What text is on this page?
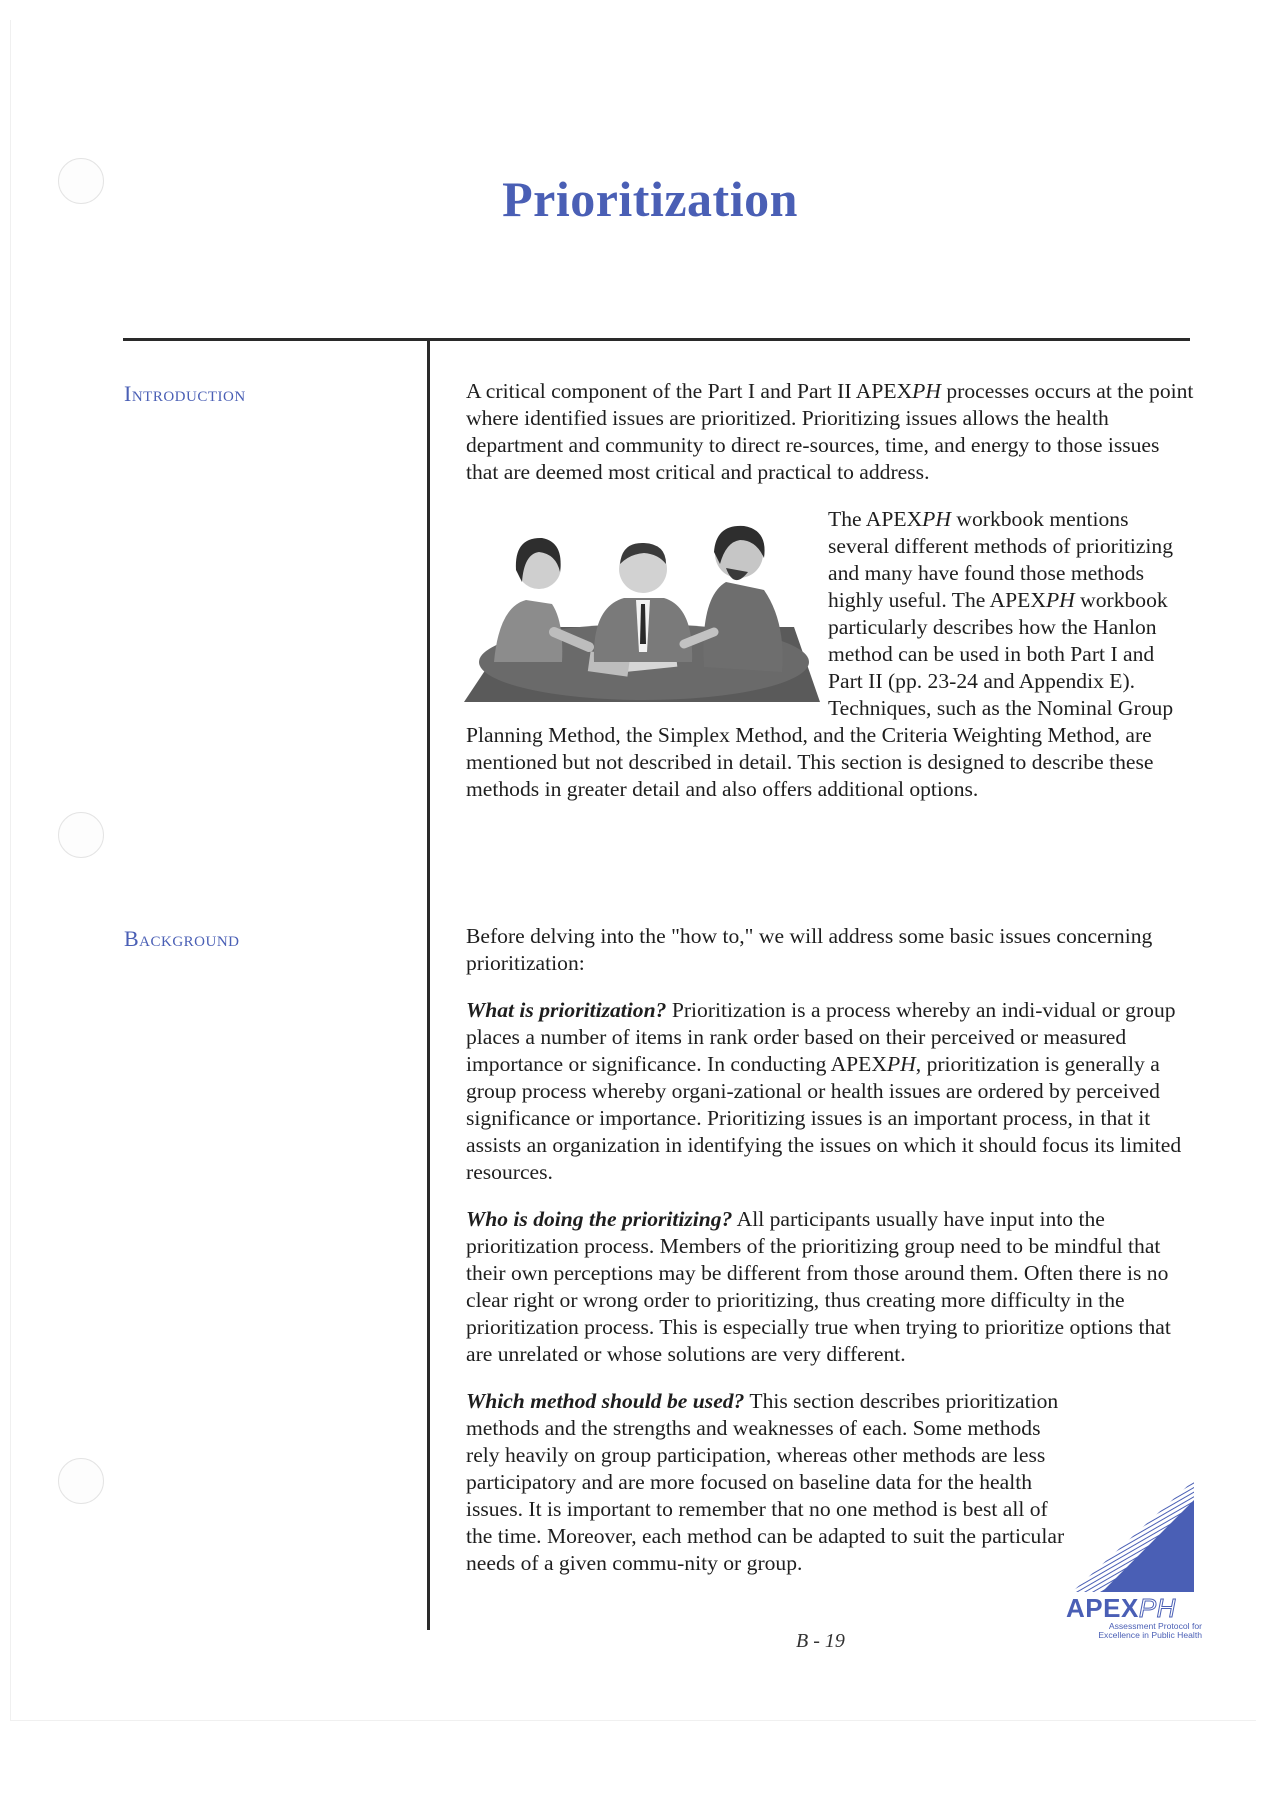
Prioritization
Introduction	A critical component of the Part I and Part II APEXPH processes occurs at the point where identified issues are prioritized. Prioritizing issues allows the health department and community to direct re-sources, time, and energy to those issues that are deemed most critical and practical to address.

The APEXPH workbook mentions several different methods of prioritizing and many have found those methods highly useful. The APEXPH workbook particularly describes how the Hanlon method can be used in both Part I and Part II (pp. 23-24 and Appendix E). Techniques, such as the Nominal Group Planning Method, the Simplex Method, and the Criteria Weighting Method, are mentioned but not described in detail. This section is designed to describe these methods in greater detail and also offers additional options.

Background	Before delving into the "how to," we will address some basic issues concerning prioritization:

What is prioritization? Prioritization is a process whereby an indi-vidual or group places a number of items in rank order based on their perceived or measured importance or significance. In conducting APEXPH, prioritization is generally a group process whereby organi-zational or health issues are ordered by perceived significance or importance. Prioritizing issues is an important process, in that it assists an organization in identifying the issues on which it should focus its limited resources.

Who is doing the prioritizing? All participants usually have input into the prioritization process. Members of the prioritizing group need to be mindful that their own perceptions may be different from those around them. Often there is no clear right or wrong order to prioritizing, thus creating more difficulty in the prioritization process. This is especially true when trying to prioritize options that are unrelated or whose solutions are very different.

Which method should be used? This section describes prioritization methods and the strengths and weaknesses of each. Some methods rely heavily on group participation, whereas other methods are less participatory and are more focused on baseline data for the health issues. It is important to remember that no one method is best all of the time. Moreover, each method can be adapted to suit the particular needs of a given commu-nity or group.

APEXPH

Assessment Protocol for
Excellence in Public Health

B - 19
